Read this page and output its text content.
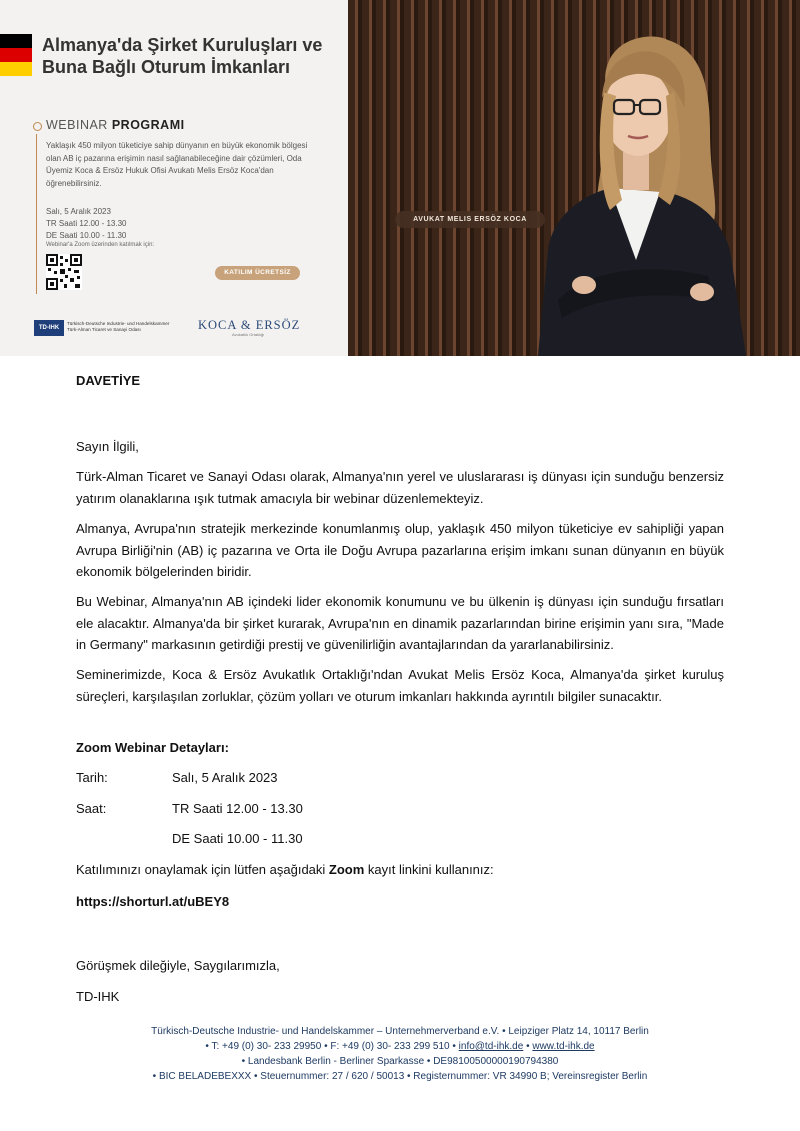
Almanya'da Şirket Kuruluşları ve Buna Bağlı Oturum İmkanları
WEBINAR PROGRAMI
Yaklaşık 450 milyon tüketiciye sahip dünyanın en büyük ekonomik bölgesi olan AB iç pazarına erişimin nasıl sağlanabileceğine dair çözümleri, Oda Üyemiz Koca & Ersöz Hukuk Ofisi Avukatı Melis Ersöz Koca'dan öğrenebilirsiniz.
Salı, 5 Aralık 2023
TR Saati 12.00 - 13.30
DE Saati 10.00 - 11.30
Webinar'a Zoom üzerinden katılmak için:
KATILIM ÜCRETSİZ
TD-IHK
Türkisch-Deutsche Industrie- und Handelskammer
Türk-Alman Ticaret ve Sanayi Odası	KOCA & ERSÖZ
Avukatlık Ortaklığı
AVUKAT MELIS ERSÖZ KOCA
DAVETİYE
Sayın İlgili,
Türk-Alman Ticaret ve Sanayi Odası olarak, Almanya'nın yerel ve uluslararası iş dünyası için sunduğu benzersiz yatırım olanaklarına ışık tutmak amacıyla bir webinar düzenlemekteyiz.
Almanya, Avrupa'nın stratejik merkezinde konumlanmış olup, yaklaşık 450 milyon tüketiciye ev sahipliği yapan Avrupa Birliği'nin (AB) iç pazarına ve Orta ile Doğu Avrupa pazarlarına erişim imkanı sunan dünyanın en büyük ekonomik bölgelerinden biridir.
Bu Webinar, Almanya'nın AB içindeki lider ekonomik konumunu ve bu ülkenin iş dünyası için sunduğu fırsatları ele alacaktır. Almanya'da bir şirket kurarak, Avrupa'nın en dinamik pazarlarından birine erişimin yanı sıra, "Made in Germany" markasının getirdiği prestij ve güvenilirliğin avantajlarından da yararlanabilirsiniz.
Seminerimizde, Koca & Ersöz Avukatlık Ortaklığı'ndan Avukat Melis Ersöz Koca, Almanya'da şirket kuruluş süreçleri, karşılaşılan zorluklar, çözüm yolları ve oturum imkanları hakkında ayrıntılı bilgiler sunacaktır.
Zoom Webinar Detayları:
Tarih:	Salı, 5 Aralık 2023
Saat:	TR Saati 12.00 - 13.30
DE Saati 10.00 - 11.30
Katılımınızı onaylamak için lütfen aşağıdaki Zoom kayıt linkini kullanınız:
https://shorturl.at/uBEY8
Görüşmek dileğiyle, Saygılarımızla,
TD-IHK
Türkisch-Deutsche Industrie- und Handelskammer – Unternehmerverband e.V. • Leipziger Platz 14, 10117 Berlin
• T: +49 (0) 30- 233 29950 • F: +49 (0) 30- 233 299 510 • info@td-ihk.de • www.td-ihk.de
• Landesbank Berlin - Berliner Sparkasse • DE98100500000190794380
• BIC BELADEBEXXX • Steuernummer: 27 / 620 / 50013 • Registernummer: VR 34990 B; Vereinsregister Berlin
